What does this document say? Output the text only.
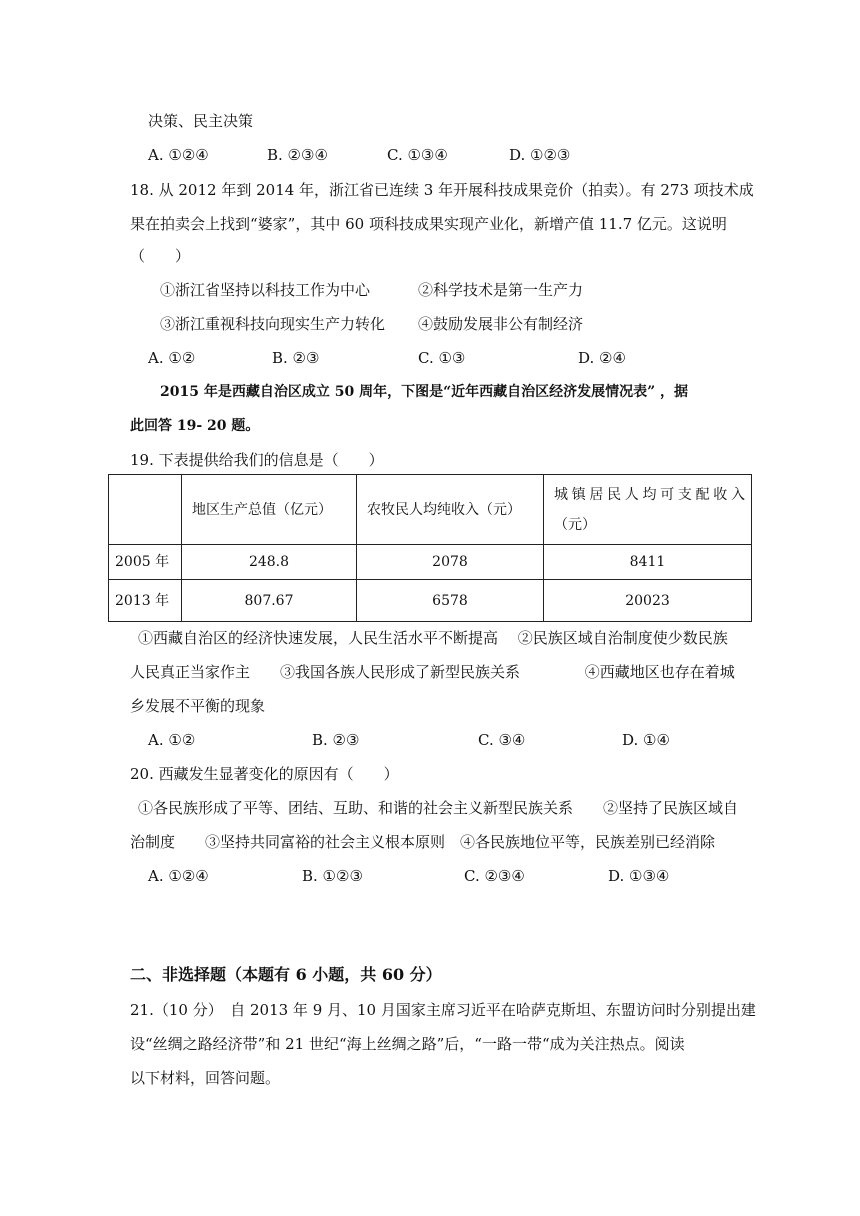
决策、民主决策
A. ①②④	B. ②③④	C. ①③④	D. ①②③
18. 从 2012 年到 2014 年，浙江省已连续 3 年开展科技成果竞价（拍卖）。有 273 项技术成
果在拍卖会上找到“婆家”，其中 60 项科技成果实现产业化，新增产值 11.7 亿元。这说明
（　　）
①浙江省坚持以科技工作为中心	②科学技术是第一生产力
③浙江重视科技向现实生产力转化 ④鼓励发展非公有制经济
A. ①②	B. ②③	C. ①③	D. ②④
2015 年是西藏自治区成立 50 周年，下图是“近年西藏自治区经济发展情况表” ，据
此回答 19- 20 题。
19. 下表提供给我们的信息是（　　）
	地区生产总值（亿元）	农牧民人均纯收入（元）	城镇居民人均可支配收入
（元）

2005 年	248.8	2078	8411
2013 年	807.67	6578	20023
①西藏自治区的经济快速发展，人民生活水平不断提高　 ②民族区域自治制度使少数民族
人民真正当家作主　　③我国各族人民形成了新型民族关系　　　　 ④西藏地区也存在着城
乡发展不平衡的现象
A. ①②	B. ②③	C. ③④	D. ①④
20. 西藏发生显著变化的原因有（　　）
①各民族形成了平等、团结、互助、和谐的社会主义新型民族关系　　②坚持了民族区域自
治制度　　③坚持共同富裕的社会主义根本原则　④各民族地位平等，民族差别已经消除
A. ①②④	B. ①②③	C. ②③④	D. ①③④
二、非选择题（本题有 6 小题，共 60 分）
21.（10 分）　自 2013 年 9 月、10 月国家主席习近平在哈萨克斯坦、东盟访问时分别提出建
设“丝绸之路经济带”和 21 世纪“海上丝绸之路”后，“一路一带“成为关注热点。阅读
以下材料，回答问题。
